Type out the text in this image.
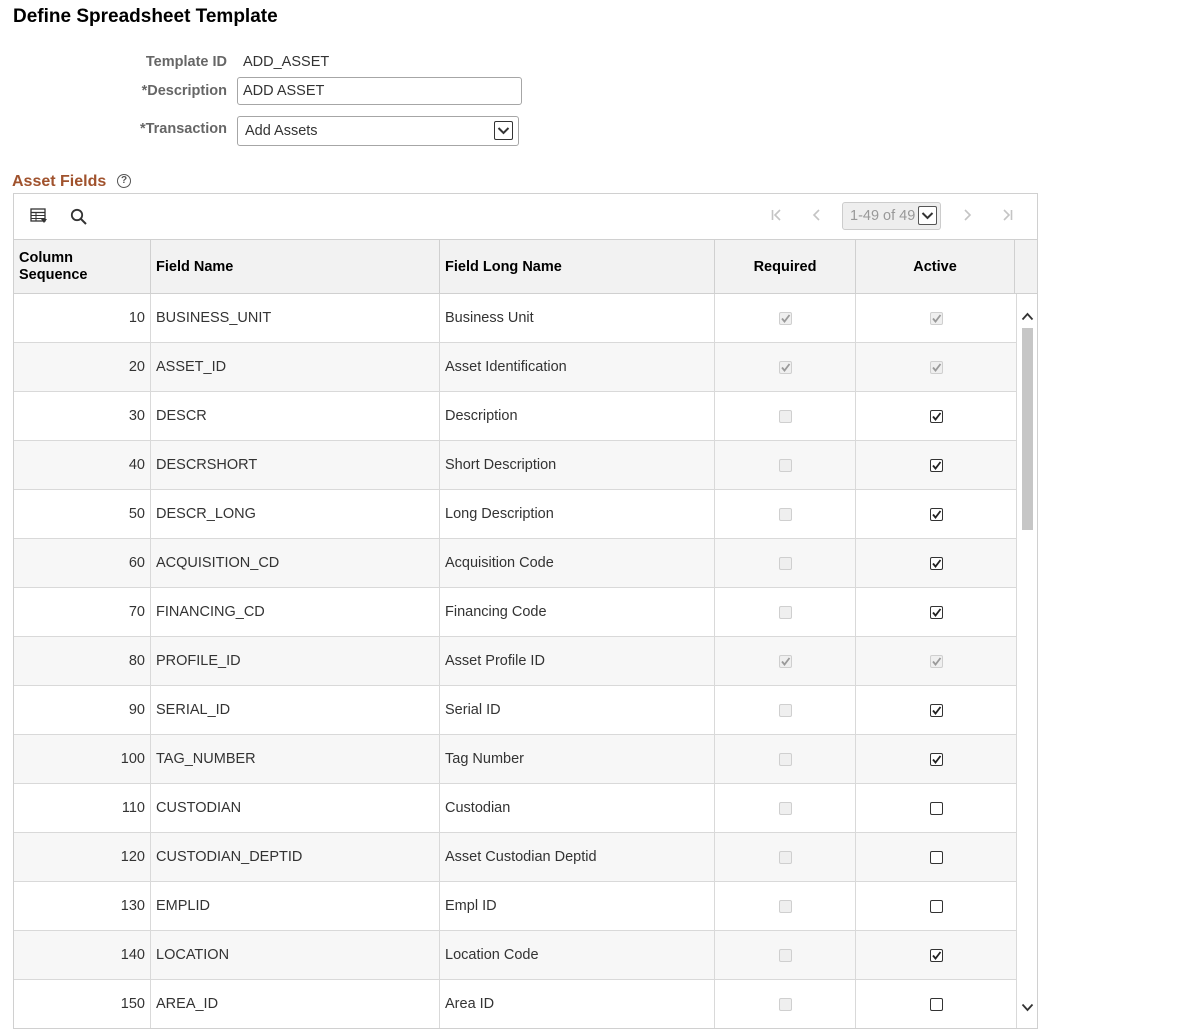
Define Spreadsheet Template
Template ID ADD_ASSET
*Description
ADD ASSET
*Transaction Add Assets
Asset Fields	?
1-49 of 49
Column
Sequence	Field Name	Field Long Name	Required	Active
10 BUSINESS_UNIT	Business Unit
20 ASSET_ID	Asset Identification
30 DESCR	Description
40 DESCRSHORT	Short Description
50 DESCR_LONG	Long Description
60 ACQUISITION_CD	Acquisition Code
70 FINANCING_CD	Financing Code
80 PROFILE_ID	Asset Profile ID
90 SERIAL_ID	Serial ID
100 TAG_NUMBER	Tag Number
110 CUSTODIAN	Custodian
120 CUSTODIAN_DEPTID	Asset Custodian Deptid
130 EMPLID	Empl ID
140 LOCATION	Location Code
150 AREA_ID	Area ID
